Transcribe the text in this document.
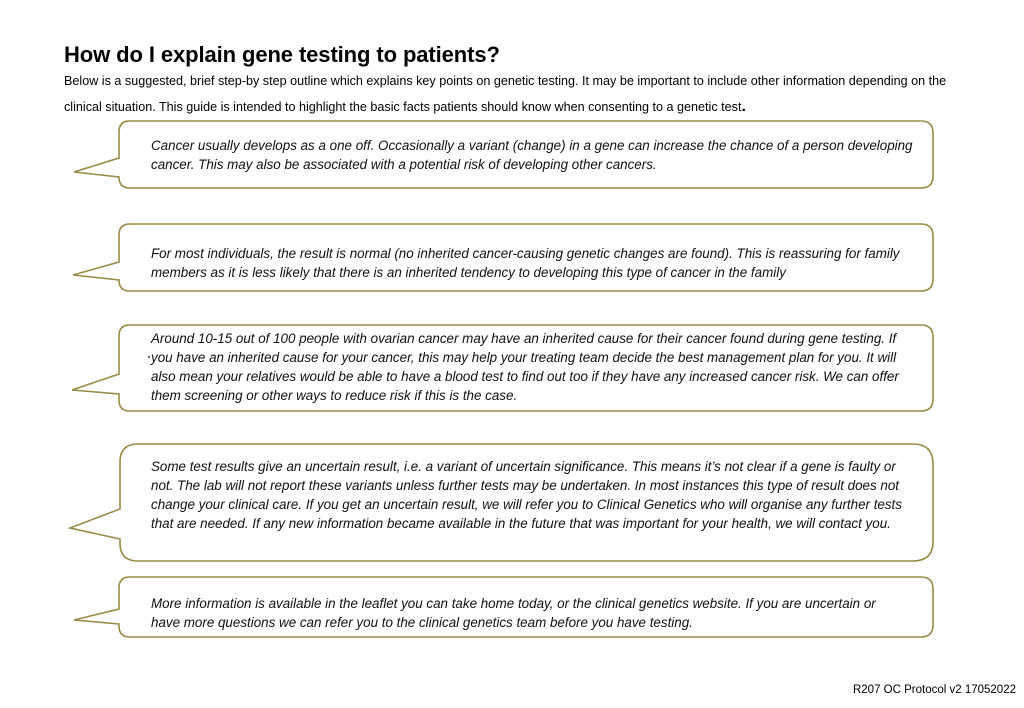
How do I explain gene testing to patients?
Below is a suggested, brief step-by step outline which explains key points on genetic testing. It may be important to include other information depending on the clinical situation. This guide is intended to highlight the basic facts patients should know when consenting to a genetic test.
Cancer usually develops as a one off. Occasionally a variant (change) in a gene can increase the chance of a person developing cancer. This may also be associated with a potential risk of developing other cancers.
For most individuals, the result is normal (no inherited cancer-causing genetic changes are found). This is reassuring for family members as it is less likely that there is an inherited tendency to developing this type of cancer in the family
Around 10-15 out of 100 people with ovarian cancer may have an inherited cause for their cancer found during gene testing. If you have an inherited cause for your cancer, this may help your treating team decide the best management plan for you. It will also mean your relatives would be able to have a blood test to find out too if they have any increased cancer risk. We can offer them screening or other ways to reduce risk if this is the case.
Some test results give an uncertain result, i.e. a variant of uncertain significance. This means it’s not clear if a gene is faulty or not. The lab will not report these variants unless further tests may be undertaken. In most instances this type of result does not change your clinical care. If you get an uncertain result, we will refer you to Clinical Genetics who will organise any further tests that are needed. If any new information became available in the future that was important for your health, we will contact you.
More information is available in the leaflet you can take home today, or the clinical genetics website. If you are uncertain or have more questions we can refer you to the clinical genetics team before you have testing.
R207 OC Protocol v2 17052022
